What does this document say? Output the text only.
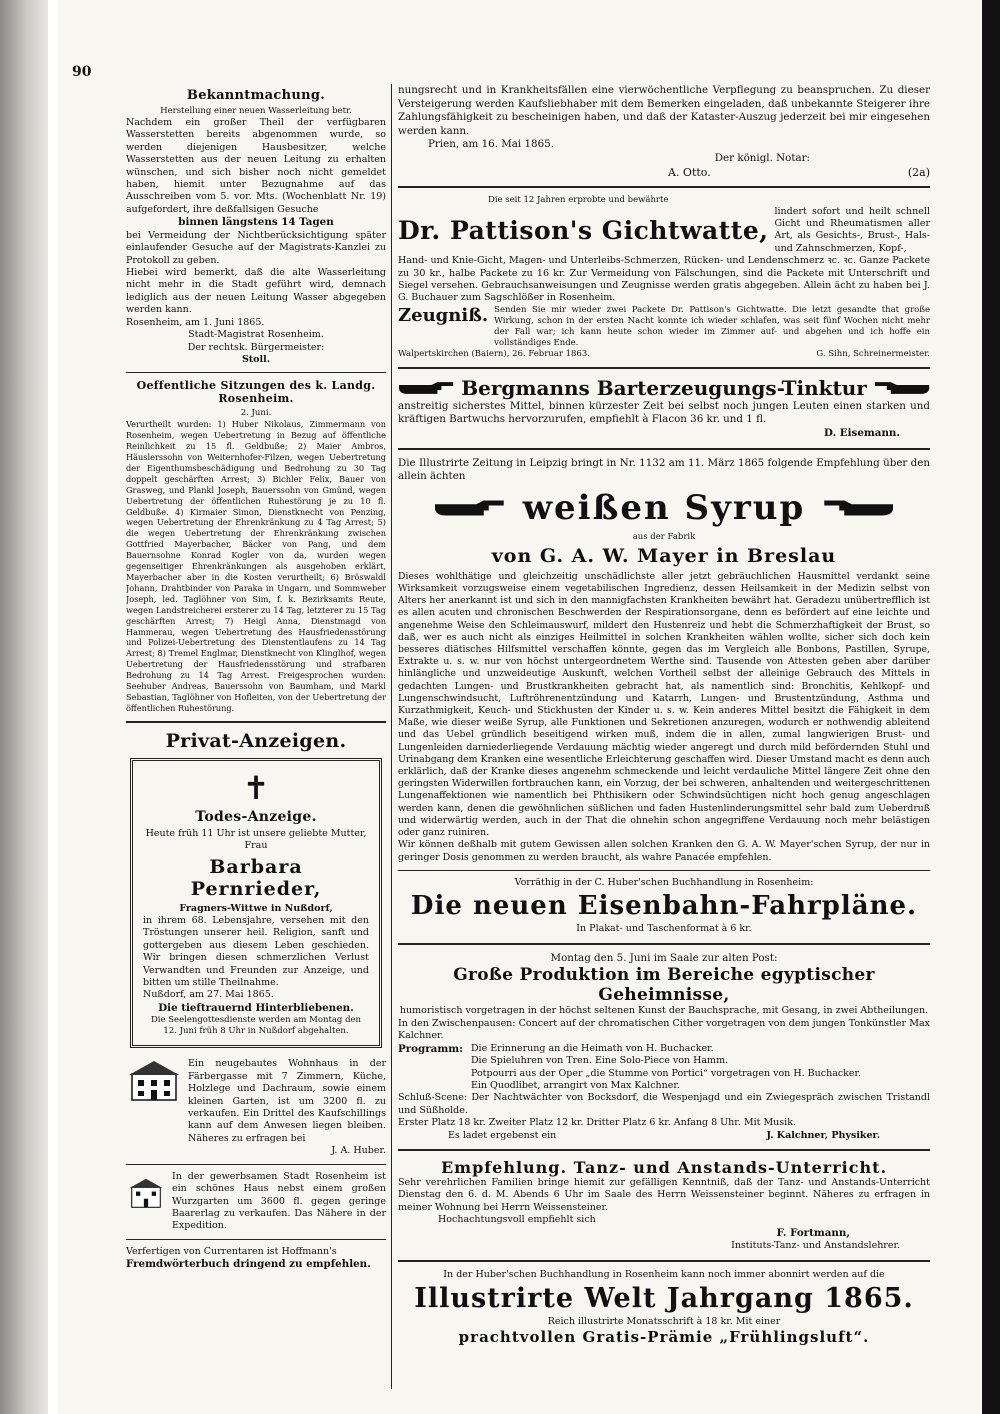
90
Bekanntmachung.

Herstellung einer neuen Wasserleitung betr.

Nachdem ein großer Theil der verfügbaren Wasserstetten bereits abgenommen wurde, so werden diejenigen Hausbesitzer, welche Wasserstetten aus der neuen Leitung zu erhalten wünschen, und sich bisher noch nicht gemeldet haben, hiemit unter Bezugnahme auf das Ausschreiben vom 5. vor. Mts. (Wochenblatt Nr. 19) aufgefordert, ihre deßfallsigen Gesuche

binnen längstens 14 Tagen

bei Vermeidung der Nichtberücksichtigung später einlaufender Gesuche auf der Magistrats-Kanzlei zu Protokoll zu geben.

Hiebei wird bemerkt, daß die alte Wasserleitung nicht mehr in die Stadt geführt wird, demnach lediglich aus der neuen Leitung Wasser abgegeben werden kann.

Rosenheim, am 1. Juni 1865.

Stadt-Magistrat Rosenheim.

Der rechtsk. Bürgermeister:

Stoll.

Oeffentliche Sitzungen des k. Landg. Rosenheim.

2. Juni.

Verurtheilt wurden: 1) Huber Nikolaus, Zimmermann von Rosenheim, wegen Uebertretung in Bezug auf öffentliche Reinlichkeit zu 15 fl. Geldbuße; 2) Maier Ambros, Häuslerssohn von Weiternhofer-Filzen, wegen Uebertretung der Eigenthumsbeschädigung und Bedrohung zu 30 Tag doppelt geschärften Arrest; 3) Bichler Felix, Bauer von Grasweg, und Plankl Joseph, Bauerssohn von Gmünd, wegen Uebertretung der öffentlichen Ruhestörung je zu 10 fl. Geldbuße. 4) Kirmaier Simon, Dienstknecht von Penzing, wegen Uebertretung der Ehrenkränkung zu 4 Tag Arrest; 5) die wegen Uebertretung der Ehrenkränkung zwischen Gottfried Mayerbacher, Bäcker von Pang, und dem Bauernsohne Konrad Kogler von da, wurden wegen gegenseitiger Ehrenkränkungen als ausgehoben erklärt, Mayerbacher aber in die Kosten verurtheilt; 6) Bröswaldl Johann, Drahtbinder von Paraka in Ungarn, und Sommweber Joseph, led. Taglöhner von Sim, f. k. Bezirksamts Reute, wegen Landstreicherei ersterer zu 14 Tag, letzterer zu 15 Tag geschärften Arrest; 7) Heigl Anna, Dienstmagd von Hammerau, wegen Uebertretung des Hausfriedensstörung und Polizei-Uebertretung des Dienstentlaufens zu 14 Tag Arrest; 8) Tremel Englmar, Dienstknecht von Klinglhof, wegen Uebertretung der Hausfriedensstörung und strafbaren Bedrohung zu 14 Tag Arrest. Freigesprochen wurden: Seehuber Andreas, Bauerssohn von Baumham, und Markl Sebastian, Taglöhner von Hofleiten, von der Uebertretung der öffentlichen Ruhestörung.

Privat-Anzeigen.
✝
Todes-Anzeige.

Heute früh 11 Uhr ist unsere geliebte Mutter, Frau

Barbara Pernrieder,

Fragners-Wittwe in Nußdorf,

in ihrem 68. Lebensjahre, versehen mit den Tröstungen unserer heil. Religion, sanft und gottergeben aus diesem Leben geschieden. Wir bringen diesen schmerzlichen Verlust Verwandten und Freunden zur Anzeige, und bitten um stille Theilnahme.

Nußdorf, am 27. Mai 1865.

Die tieftrauernd Hinterbliebenen.

Die Seelengottesdienste werden am Montag den 12. Juni früh 8 Uhr in Nußdorf abgehalten.

Ein neugebautes Wohnhaus in der Färbergasse mit 7 Zimmern, Küche, Holzlege und Dachraum, sowie einem kleinen Garten, ist um 3200 fl. zu verkaufen. Ein Drittel des Kaufschillings kann auf dem Anwesen liegen bleiben. Näheres zu erfragen bei

J. A. Huber.

In der gewerbsamen Stadt Rosenheim ist ein schönes Haus nebst einem großen Wurzgarten um 3600 fl. gegen geringe Baarerlag zu verkaufen. Das Nähere in der Expedition.

Verfertigen von Currentaren ist Hoffmann's

Fremdwörterbuch dringend zu empfehlen.

nungsrecht und in Krankheitsfällen eine vierwöchentliche Verpflegung zu beanspruchen. Zu dieser Versteigerung werden Kaufsliebhaber mit dem Bemerken eingeladen, daß unbekannte Steigerer ihre Zahlungsfähigkeit zu bescheinigen haben, und daß der Kataster-Auszug jederzeit bei mir eingesehen werden kann.

Prien, am 16. Mai 1865.

Der königl. Notar:

A. Otto.	(2a)

Die seit 12 Jahren erprobte und bewährte

Dr. Pattison's Gichtwatte,

lindert sofort und heilt schnell Gicht und Rheumatismen aller Art, als Gesichts-, Brust-, Hals- und Zahnschmerzen, Kopf-,

Hand- und Knie-Gicht, Magen- und Unterleibs-Schmerzen, Rücken- und Lendenschmerz ꝛc. ꝛc. Ganze Packete zu 30 kr., halbe Packete zu 16 kr. Zur Vermeidung von Fälschungen, sind die Packete mit Unterschrift und Siegel versehen. Gebrauchsanweisungen und Zeugnisse werden gratis abgegeben. Allein ächt zu haben bei J. G. Buchauer zum Sagschlößer in Rosenheim.

Zeugniß. Senden Sie mir wieder zwei Packete Dr. Pattison's Gichtwatte. Die letzt gesandte that große Wirkung, schon in der ersten Nacht konnte ich wieder schlafen, was seit fünf Wochen nicht mehr der Fall war; ich kann heute schon wieder im Zimmer auf- und abgehen und ich hoffe ein vollständiges Ende.

Walpertskirchen (Baiern), 26. Februar 1863.	G. Sihn, Schreinermeister.
Bergmanns Barterzeugungs-Tinktur

anstreitig sicherstes Mittel, binnen kürzester Zeit bei selbst noch jungen Leuten einen starken und kräftigen Bartwuchs hervorzurufen, empfiehlt à Flacon 36 kr. und 1 fl.

D. Eisemann.

Die Illustrirte Zeitung in Leipzig bringt in Nr. 1132 am 11. März 1865 folgende Empfehlung über den allein ächten

weißen Syrup

aus der Fabrik

von G. A. W. Mayer in Breslau

Dieses wohlthätige und gleichzeitig unschädlichste aller jetzt gebräuchlichen Hausmittel verdankt seine Wirksamkeit vorzugsweise einem vegetabilischen Ingredienz, dessen Heilsamkeit in der Medizin selbst von Alters her anerkannt ist und sich in den mannigfachsten Krankheiten bewährt hat. Geradezu unübertrefflich ist es allen acuten und chronischen Beschwerden der Respirationsorgane, denn es befördert auf eine leichte und angenehme Weise den Schleimauswurf, mildert den Hustenreiz und hebt die Schmerzhaftigkeit der Brust, so daß, wer es auch nicht als einziges Heilmittel in solchen Krankheiten wählen wollte, sicher sich doch kein besseres diätisches Hilfsmittel verschaffen könnte, gegen das im Vergleich alle Bonbons, Pastillen, Syrupe, Extrakte u. s. w. nur von höchst untergeordnetem Werthe sind. Tausende von Attesten geben aber darüber hinlängliche und unzweideutige Auskunft, welchen Vortheil selbst der alleinige Gebrauch des Mittels in gedachten Lungen- und Brustkrankheiten gebracht hat, als namentlich sind: Bronchitis, Kehlkopf- und Lungenschwindsucht, Luftröhrenentzündung und Katarrh, Lungen- und Brustentzündung, Asthma und Kurzathmigkeit, Keuch- und Stickhusten der Kinder u. s. w. Kein anderes Mittel besitzt die Fähigkeit in dem Maße, wie dieser weiße Syrup, alle Funktionen und Sekretionen anzuregen, wodurch er nothwendig ableitend und das Uebel gründlich beseitigend wirken muß, indem die in allen, zumal langwierigen Brust- und Lungenleiden darniederliegende Verdauung mächtig wieder angeregt und durch mild befördernden Stuhl und Urinabgang dem Kranken eine wesentliche Erleichterung geschaffen wird. Dieser Umstand macht es denn auch erklärlich, daß der Kranke dieses angenehm schmeckende und leicht verdauliche Mittel längere Zeit ohne den geringsten Widerwillen fortbrauchen kann, ein Vorzug, der bei schweren, anhaltenden und weitergeschrittenen Lungenaffektionen wie namentlich bei Phthisikern oder Schwindsüchtigen nicht hoch genug angeschlagen werden kann, denen die gewöhnlichen süßlichen und faden Hustenlinderungsmittel sehr bald zum Ueberdruß und widerwärtig werden, auch in der That die ohnehin schon angegriffene Verdauung noch mehr belästigen oder ganz ruiniren.

Wir können deßhalb mit gutem Gewissen allen solchen Kranken den G. A. W. Mayer'schen Syrup, der nur in geringer Dosis genommen zu werden braucht, als wahre Panacée empfehlen.

Vorräthig in der C. Huber'schen Buchhandlung in Rosenheim:

Die neuen Eisenbahn-Fahrpläne.

In Plakat- und Taschenformat à 6 kr.

Montag den 5. Juni im Saale zur alten Post:

Große Produktion im Bereiche egyptischer Geheimnisse,

humoristisch vorgetragen in der höchst seltenen Kunst der Bauchsprache, mit Gesang, in zwei Abtheilungen.

In den Zwischenpausen: Concert auf der chromatischen Cither vorgetragen von dem jungen Tonkünstler Max Kalchner.

Programm: Die Erinnerung an die Heimath von H. Buchacker.

Die Spieluhren von Tren. Eine Solo-Piece von Hamm.

Potpourri aus der Oper „die Stumme von Portici“ vorgetragen von H. Buchacker.

Ein Quodlibet, arrangirt von Max Kalchner.

Schluß-Scene: Der Nachtwächter von Bocksdorf, die Wespenjagd und ein Zwiegespräch zwischen Tristandl und Süßholde.

Erster Platz 18 kr. Zweiter Platz 12 kr. Dritter Platz 6 kr. Anfang 8 Uhr. Mit Musik.

Es ladet ergebenst ein	J. Kalchner, Physiker.
Empfehlung. Tanz- und Anstands-Unterricht.

Sehr verehrlichen Familien bringe hiemit zur gefälligen Kenntniß, daß der Tanz- und Anstands-Unterricht Dienstag den 6. d. M. Abends 6 Uhr im Saale des Herrn Weissensteiner beginnt. Näheres zu erfragen in meiner Wohnung bei Herrn Weissensteiner.

Hochachtungsvoll empfiehlt sich

F. Fortmann,

Instituts-Tanz- und Anstandslehrer.

In der Huber'schen Buchhandlung in Rosenheim kann noch immer abonnirt werden auf die

Illustrirte Welt Jahrgang 1865.

Reich illustrirte Monatsschrift à 18 kr. Mit einer

prachtvollen Gratis-Prämie „Frühlingsluft“.
